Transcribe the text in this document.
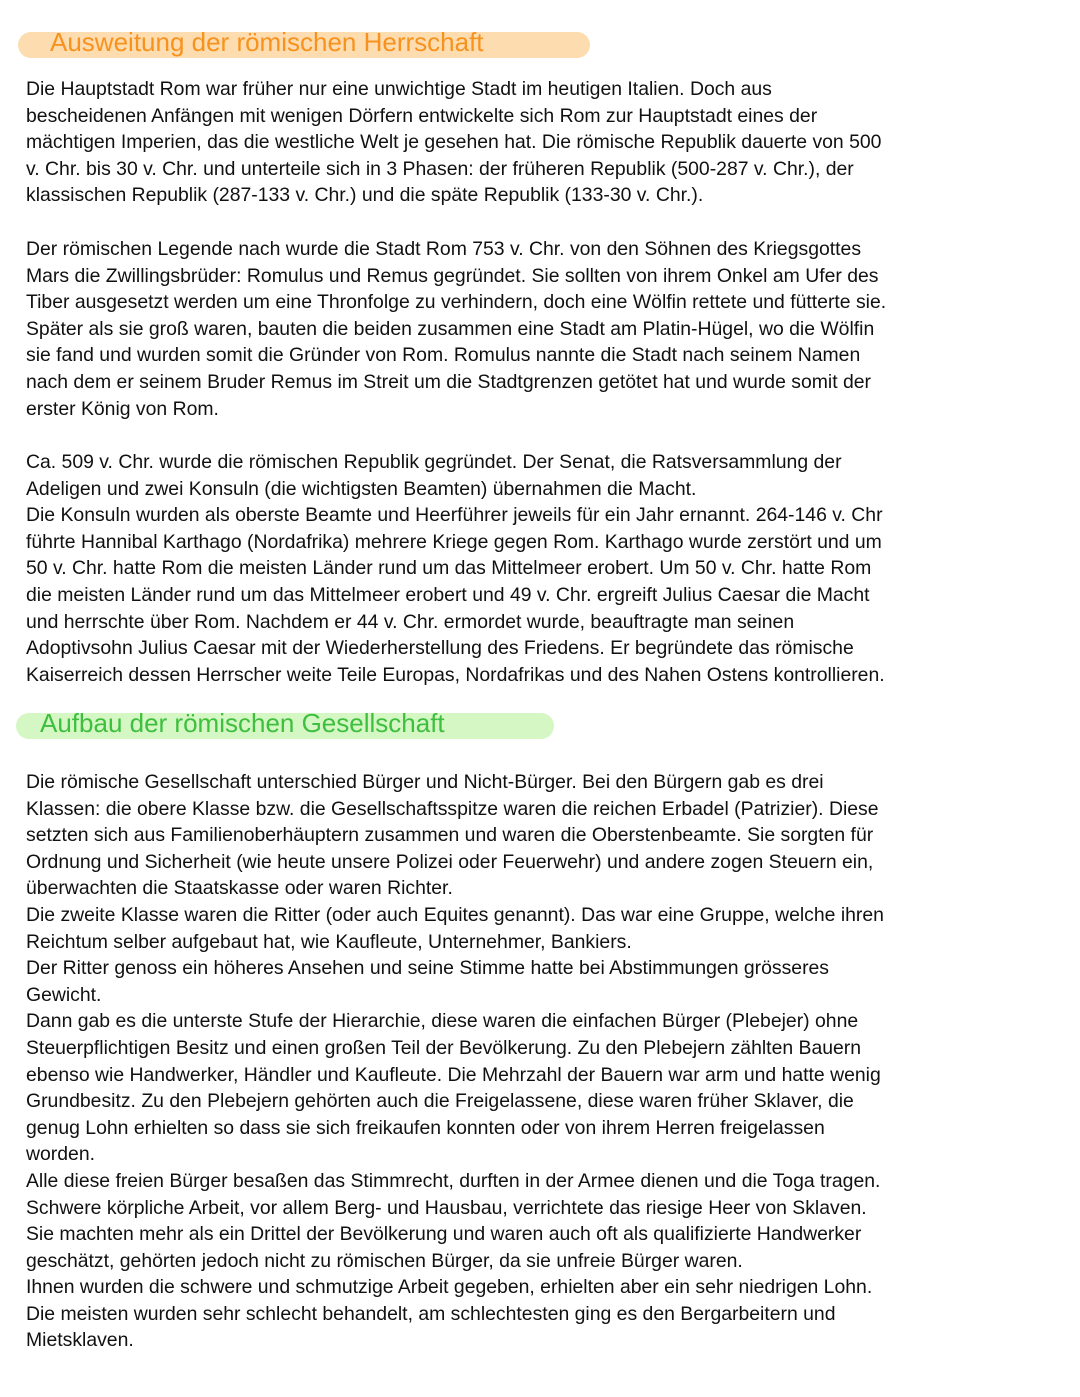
Ausweitung der römischen Herrschaft

Die Hauptstadt Rom war früher nur eine unwichtige Stadt im heutigen Italien. Doch aus
bescheidenen Anfängen mit wenigen Dörfern entwickelte sich Rom zur Hauptstadt eines der
mächtigen Imperien, das die westliche Welt je gesehen hat. Die römische Republik dauerte von 500
v. Chr. bis 30 v. Chr. und unterteile sich in 3 Phasen: der früheren Republik (500-287 v. Chr.), der
klassischen Republik (287-133 v. Chr.) und die späte Republik (133-30 v. Chr.).

Der römischen Legende nach wurde die Stadt Rom 753 v. Chr. von den Söhnen des Kriegsgottes
Mars die Zwillingsbrüder: Romulus und Remus gegründet. Sie sollten von ihrem Onkel am Ufer des
Tiber ausgesetzt werden um eine Thronfolge zu verhindern, doch eine Wölfin rettete und fütterte sie.
Später als sie groß waren, bauten die beiden zusammen eine Stadt am Platin-Hügel, wo die Wölfin
sie fand und wurden somit die Gründer von Rom. Romulus nannte die Stadt nach seinem Namen
nach dem er seinem Bruder Remus im Streit um die Stadtgrenzen getötet hat und wurde somit der
erster König von Rom.

Ca. 509 v. Chr. wurde die römischen Republik gegründet. Der Senat, die Ratsversammlung der
Adeligen und zwei Konsuln (die wichtigsten Beamten) übernahmen die Macht.
Die Konsuln wurden als oberste Beamte und Heerführer jeweils für ein Jahr ernannt. 264-146 v. Chr
führte Hannibal Karthago (Nordafrika) mehrere Kriege gegen Rom. Karthago wurde zerstört und um
50 v. Chr. hatte Rom die meisten Länder rund um das Mittelmeer erobert. Um 50 v. Chr. hatte Rom
die meisten Länder rund um das Mittelmeer erobert und 49 v. Chr. ergreift Julius Caesar die Macht
und herrschte über Rom. Nachdem er 44 v. Chr. ermordet wurde, beauftragte man seinen
Adoptivsohn Julius Caesar mit der Wiederherstellung des Friedens. Er begründete das römische
Kaiserreich dessen Herrscher weite Teile Europas, Nordafrikas und des Nahen Ostens kontrollieren.

Aufbau der römischen Gesellschaft

Die römische Gesellschaft unterschied Bürger und Nicht-Bürger. Bei den Bürgern gab es drei
Klassen: die obere Klasse bzw. die Gesellschaftsspitze waren die reichen Erbadel (Patrizier). Diese
setzten sich aus Familienoberhäuptern zusammen und waren die Oberstenbeamte. Sie sorgten für
Ordnung und Sicherheit (wie heute unsere Polizei oder Feuerwehr) und andere zogen Steuern ein,
überwachten die Staatskasse oder waren Richter.
Die zweite Klasse waren die Ritter (oder auch Equites genannt). Das war eine Gruppe, welche ihren
Reichtum selber aufgebaut hat, wie Kaufleute, Unternehmer, Bankiers.
Der Ritter genoss ein höheres Ansehen und seine Stimme hatte bei Abstimmungen grösseres
Gewicht.
Dann gab es die unterste Stufe der Hierarchie, diese waren die einfachen Bürger (Plebejer) ohne
Steuerpflichtigen Besitz und einen großen Teil der Bevölkerung. Zu den Plebejern zählten Bauern
ebenso wie Handwerker, Händler und Kaufleute. Die Mehrzahl der Bauern war arm und hatte wenig
Grundbesitz. Zu den Plebejern gehörten auch die Freigelassene, diese waren früher Sklaver, die
genug Lohn erhielten so dass sie sich freikaufen konnten oder von ihrem Herren freigelassen
worden.
Alle diese freien Bürger besaßen das Stimmrecht, durften in der Armee dienen und die Toga tragen.
Schwere körpliche Arbeit, vor allem Berg- und Hausbau, verrichtete das riesige Heer von Sklaven.
Sie machten mehr als ein Drittel der Bevölkerung und waren auch oft als qualifizierte Handwerker
geschätzt, gehörten jedoch nicht zu römischen Bürger, da sie unfreie Bürger waren.
Ihnen wurden die schwere und schmutzige Arbeit gegeben, erhielten aber ein sehr niedrigen Lohn.
Die meisten wurden sehr schlecht behandelt, am schlechtesten ging es den Bergarbeitern und
Mietsklaven.
